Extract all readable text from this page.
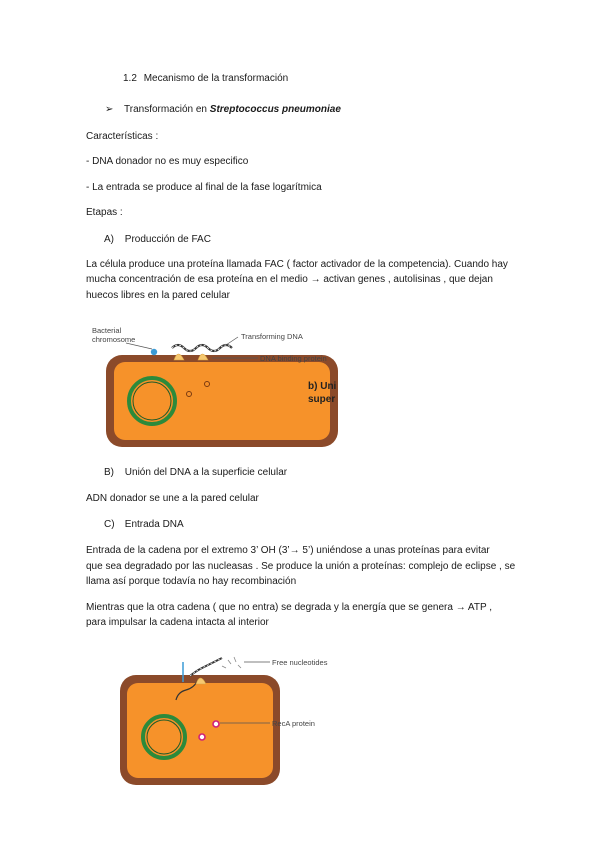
1.2 Mecanismo de la transformación
➢ Transformación en Streptococcus pneumoniae
Características :
- DNA donador no es muy especifico
- La entrada se produce al final de la fase logarítmica
Etapas :
A) Producción de FAC
La célula produce una proteína llamada FAC ( factor activador de la competencia). Cuando hay
mucha concentración de esa proteína en el medio → activan genes , autolisinas , que dejan
huecos libres en la pared celular
Bacterial
chromosome	Transforming DNA
DNA binding protein
b) Uni
super
B) Unión del DNA a la superficie celular
ADN donador se une a la pared celular
C) Entrada DNA
Entrada de la cadena por el extremo 3’ OH (3’→ 5’) uniéndose a unas proteínas para evitar
que sea degradado por las nucleasas . Se produce la unión a proteínas: complejo de eclipse , se
llama así porque todavía no hay recombinación
Mientras que la otra cadena ( que no entra) se degrada y la energía que se genera → ATP ,
para impulsar la cadena intacta al interior
Free nucleotides
RecA protein
